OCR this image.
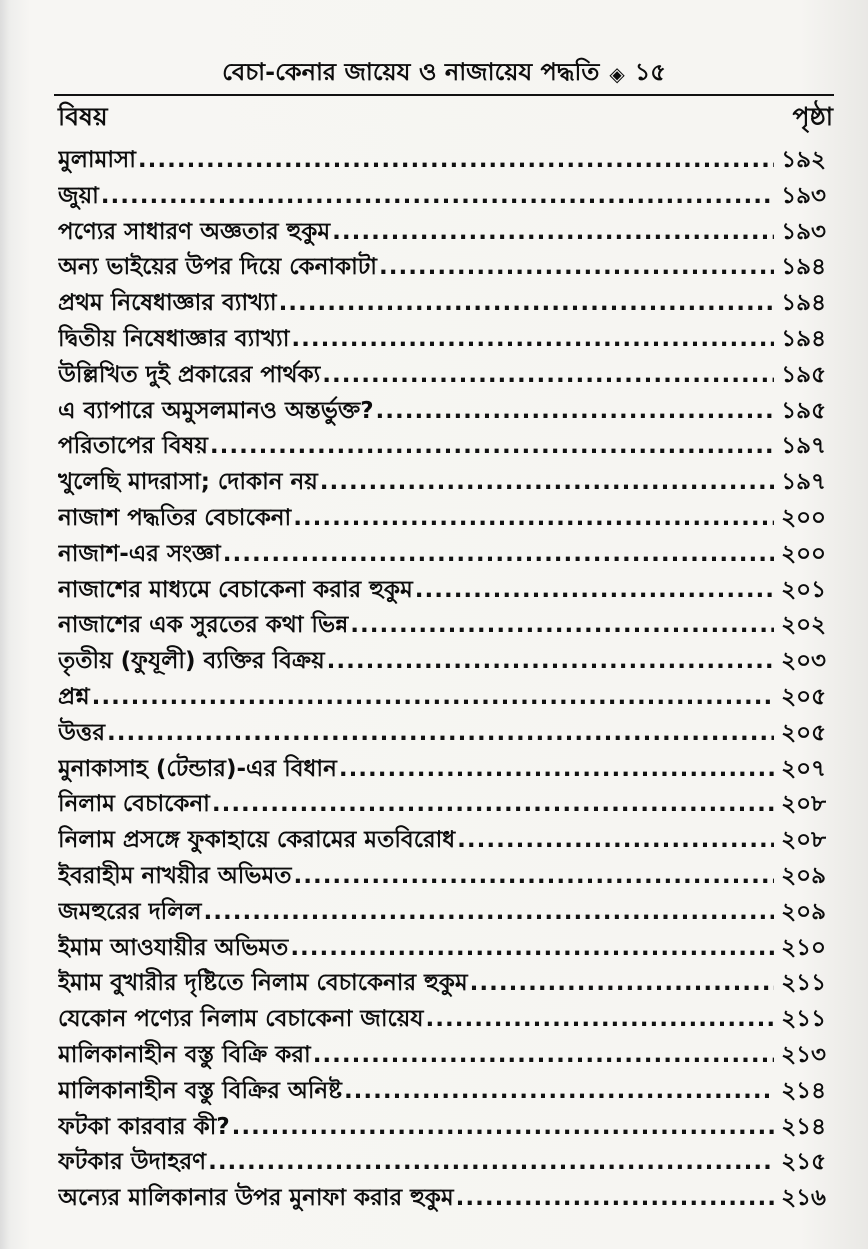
বেচা-কেনার জায়েয ও নাজায়েয পদ্ধতি ◈ ১৫
বিষয়	পৃষ্ঠা
মুলামাসা .....	১৯২
জুয়া .....	১৯৩
পণ্যের সাধারণ অজ্ঞতার হুকুম .....	১৯৩
অন্য ভাইয়ের উপর দিয়ে কেনাকাটা .....	১৯৪
প্রথম নিষেধাজ্ঞার ব্যাখ্যা .....	১৯৪
দ্বিতীয় নিষেধাজ্ঞার ব্যাখ্যা .....	১৯৪
উল্লিখিত দুই প্রকারের পার্থক্য .....	১৯৫
এ ব্যাপারে অমুসলমানও অন্তর্ভুক্ত? .....	১৯৫
পরিতাপের বিষয় .....	১৯৭
খুলেছি মাদরাসা; দোকান নয় .....	১৯৭
নাজাশ পদ্ধতির বেচাকেনা .....	২০০
নাজাশ-এর সংজ্ঞা .....	২০০
নাজাশের মাধ্যমে বেচাকেনা করার হুকুম .....	২০১
নাজাশের এক সুরতের কথা ভিন্ন .....	২০২
তৃতীয় (ফুযূলী) ব্যক্তির বিক্রয় .....	২০৩
প্রশ্ন .....	২০৫
উত্তর .....	২০৫
মুনাকাসাহ (টেন্ডার)-এর বিধান .....	২০৭
নিলাম বেচাকেনা .....	২০৮
নিলাম প্রসঙ্গে ফুকাহায়ে কেরামের মতবিরোধ .....	২০৮
ইবরাহীম নাখয়ীর অভিমত .....	২০৯
জমহুরের দলিল .....	২০৯
ইমাম আওযায়ীর অভিমত .....	২১০
ইমাম বুখারীর দৃষ্টিতে নিলাম বেচাকেনার হুকুম .....	২১১
যেকোন পণ্যের নিলাম বেচাকেনা জায়েয .....	২১১
মালিকানাহীন বস্তু বিক্রি করা .....	২১৩
মালিকানাহীন বস্তু বিক্রির অনিষ্ট .....	২১৪
ফটকা কারবার কী? .....	২১৪
ফটকার উদাহরণ .....	২১৫
অন্যের মালিকানার উপর মুনাফা করার হুকুম .....	২১৬
